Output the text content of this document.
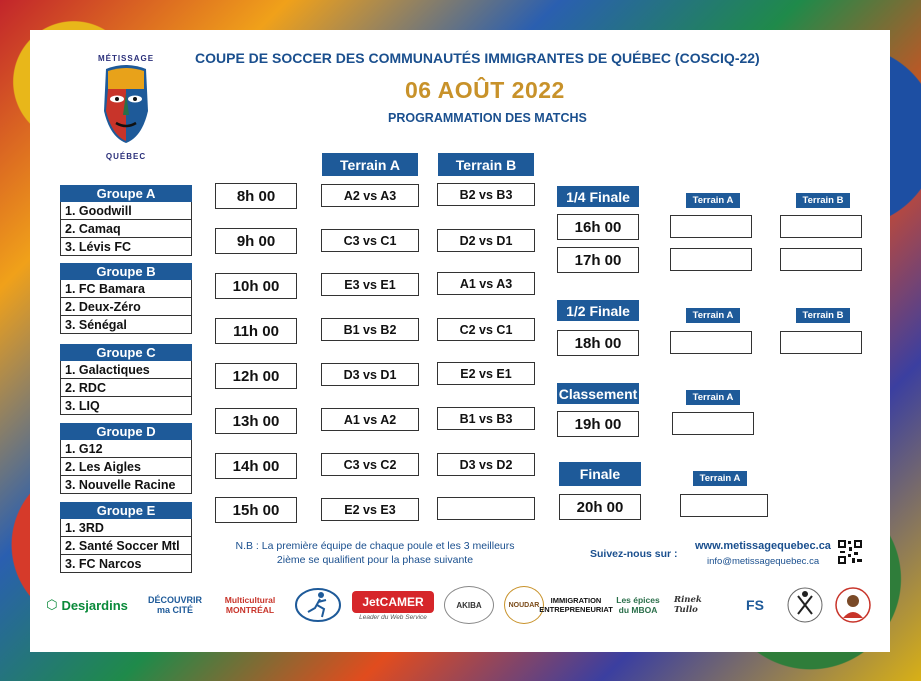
MÉTISSAGE
QUÉBEC
COUPE DE SOCCER DES COMMUNAUTÉS IMMIGRANTES DE QUÉBEC (COSCIQ-22)
06 AOÛT 2022
PROGRAMMATION DES MATCHS
Terrain A	Terrain B
Groupe A
1. Goodwill
2. Camaq
3. Lévis FC
Groupe B
1. FC Bamara
2. Deux-Zéro
3. Sénégal
Groupe C
1. Galactiques
2. RDC
3. LIQ
Groupe D
1. G12
2. Les Aigles
3. Nouvelle Racine
Groupe E
1. 3RD
2. Santé Soccer Mtl
3. FC Narcos
8h 00	A2 vs A3	B2 vs B3
9h 00	C3 vs C1	D2 vs D1
10h 00	E3 vs E1	A1 vs A3
11h 00	B1 vs B2	C2 vs C1
12h 00	D3 vs D1	E2 vs E1
13h 00	A1 vs A2	B1 vs B3
14h 00	C3 vs C2	D3 vs D2
15h 00	E2 vs E3
1/4 Finale	Terrain A	Terrain B
16h 00
17h 00
1/2 Finale	Terrain A	Terrain B
18h 00
Classement	Terrain A
19h 00
Finale	Terrain A
20h 00
N.B : La première équipe de chaque poule et les 3 meilleurs
2ième se qualifient pour la phase suivante	Suivez-nous sur :
www.metissagequebec.ca
info@metissagequebec.ca
⬡ Desjardins	DÉCOUVRIR ma CITÉ
Multicultural MONTRÉAL
JetCAMER
Leader du Web Service
AKIBA	NOUDAR	IMMIGRATION ENTREPRENEURIAT
Les épices du MBOA
Rinek Tullo	FS
